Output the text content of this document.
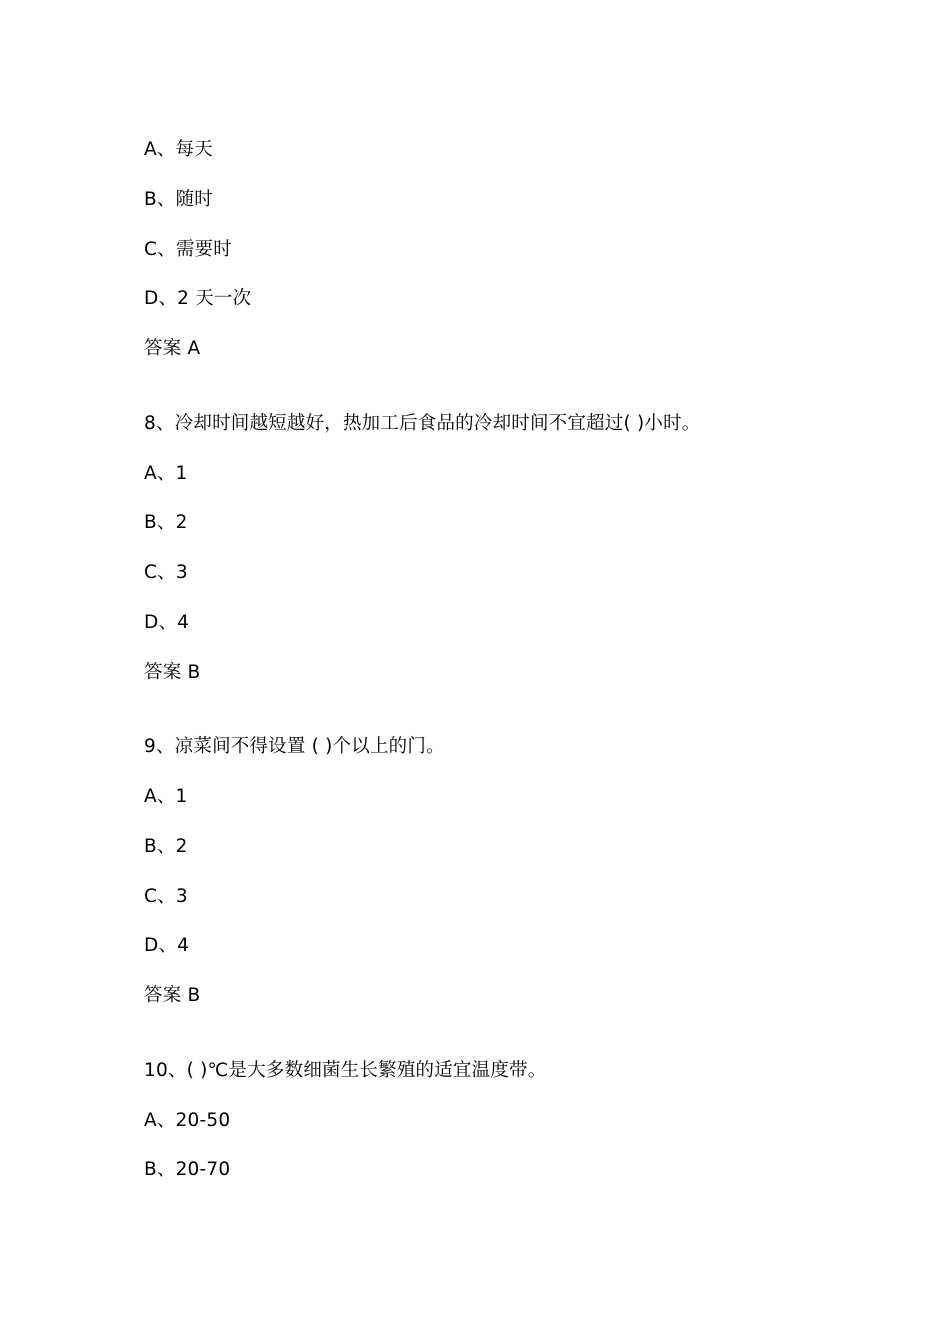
A、每天
B、随时
C、需要时
D、2 天一次
答案 A
8、冷却时间越短越好，热加工后食品的冷却时间不宜超过( )小时。
A、1
B、2
C、3
D、4
答案 B
9、凉菜间不得设置 ( )个以上的门。
A、1
B、2
C、3
D、4
答案 B
10、( )℃是大多数细菌生长繁殖的适宜温度带。
A、20-50
B、20-70
